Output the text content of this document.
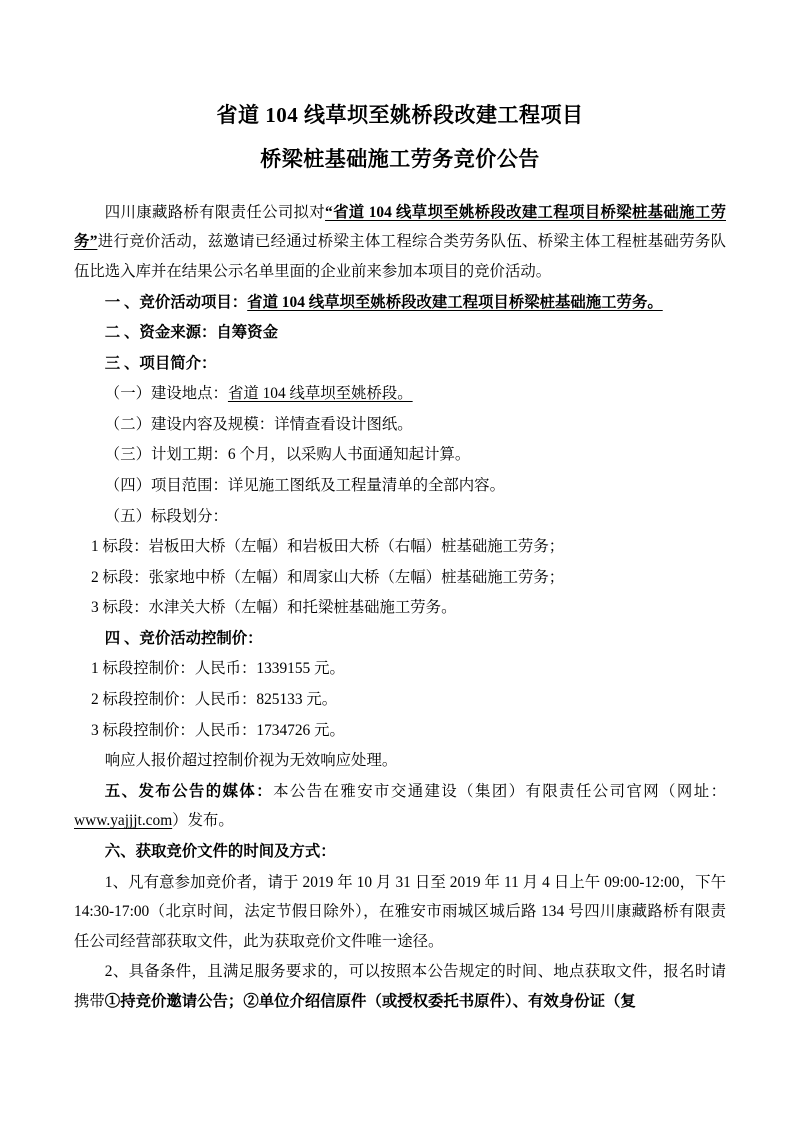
省道 104 线草坝至姚桥段改建工程项目
桥梁桩基础施工劳务竞价公告

四川康藏路桥有限责任公司拟对“省道 104 线草坝至姚桥段改建工程项目桥梁桩基础施工劳务”进行竞价活动，兹邀请已经通过桥梁主体工程综合类劳务队伍、桥梁主体工程桩基础劳务队伍比选入库并在结果公示名单里面的企业前来参加本项目的竞价活动。

一 、竞价活动项目：省道 104 线草坝至姚桥段改建工程项目桥梁桩基础施工劳务。

二 、资金来源：自筹资金

三 、项目简介：

（一）建设地点：省道 104 线草坝至姚桥段。

（二）建设内容及规模：详情查看设计图纸。

（三）计划工期：6 个月，以采购人书面通知起计算。

（四）项目范围：详见施工图纸及工程量清单的全部内容。

（五）标段划分：

1 标段：岩板田大桥（左幅）和岩板田大桥（右幅）桩基础施工劳务；

2 标段：张家地中桥（左幅）和周家山大桥（左幅）桩基础施工劳务；

3 标段：水津关大桥（左幅）和托梁桩基础施工劳务。

四 、竞价活动控制价：

1 标段控制价：人民币：1339155 元。

2 标段控制价：人民币：825133 元。

3 标段控制价：人民币：1734726 元。

响应人报价超过控制价视为无效响应处理。

五、发布公告的媒体：本公告在雅安市交通建设（集团）有限责任公司官网（网址：www.yajjjt.com）发布。

六、获取竞价文件的时间及方式：

1、凡有意参加竞价者，请于 2019 年 10 月 31 日至 2019 年 11 月 4 日上午 09:00-12:00，下午 14:30-17:00（北京时间，法定节假日除外），在雅安市雨城区城后路 134 号四川康藏路桥有限责任公司经营部获取文件，此为获取竞价文件唯一途径。

2、具备条件，且满足服务要求的，可以按照本公告规定的时间、地点获取文件，报名时请携带①持竞价邀请公告；②单位介绍信原件（或授权委托书原件）、有效身份证（复
